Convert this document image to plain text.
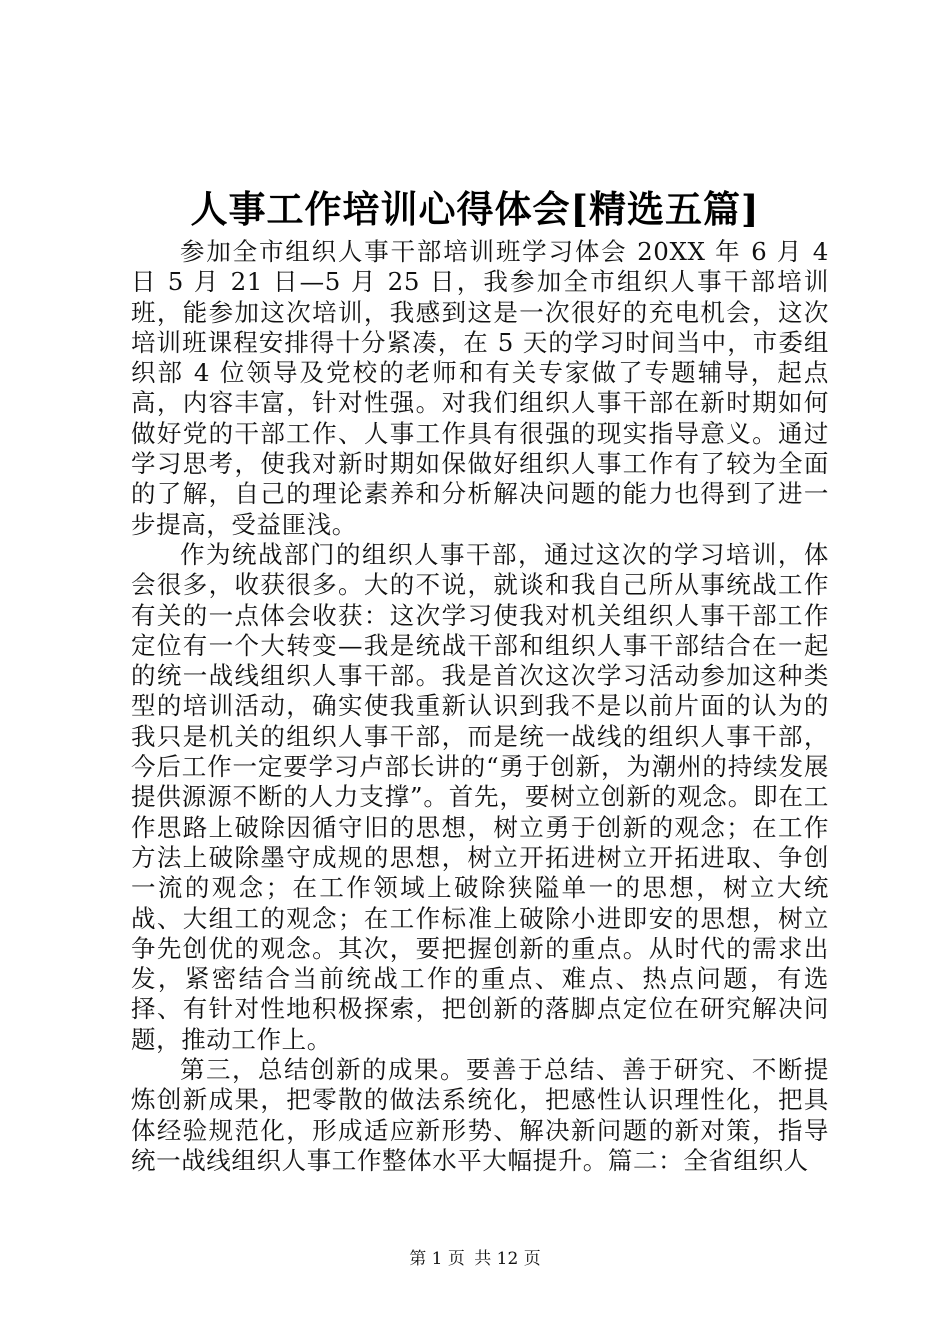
人事工作培训心得体会[精选五篇]

参加全市组织人事干部培训班学习体会 20XX 年 6 月 4 日 5 月 21 日—5 月 25 日，我参加全市组织人事干部培训班，能参加这次培训，我感到这是一次很好的充电机会，这次培训班课程安排得十分紧凑，在 5 天的学习时间当中，市委组织部 4 位领导及党校的老师和有关专家做了专题辅导，起点高，内容丰富，针对性强。对我们组织人事干部在新时期如何做好党的干部工作、人事工作具有很强的现实指导意义。通过学习思考，使我对新时期如保做好组织人事工作有了较为全面的了解，自己的理论素养和分析解决问题的能力也得到了进一步提高，受益匪浅。

作为统战部门的组织人事干部，通过这次的学习培训，体会很多，收获很多。大的不说，就谈和我自己所从事统战工作有关的一点体会收获：这次学习使我对机关组织人事干部工作定位有一个大转变—我是统战干部和组织人事干部结合在一起的统一战线组织人事干部。我是首次这次学习活动参加这种类型的培训活动，确实使我重新认识到我不是以前片面的认为的我只是机关的组织人事干部，而是统一战线的组织人事干部，今后工作一定要学习卢部长讲的“勇于创新，为潮州的持续发展提供源源不断的人力支撑”。首先，要树立创新的观念。即在工作思路上破除因循守旧的思想，树立勇于创新的观念；在工作方法上破除墨守成规的思想，树立开拓进树立开拓进取、争创一流的观念；在工作领域上破除狭隘单一的思想，树立大统战、大组工的观念；在工作标准上破除小进即安的思想，树立争先创优的观念。其次，要把握创新的重点。从时代的需求出发，紧密结合当前统战工作的重点、难点、热点问题，有选择、有针对性地积极探索，把创新的落脚点定位在研究解决问题，推动工作上。

第三，总结创新的成果。要善于总结、善于研究、不断提炼创新成果，把零散的做法系统化，把感性认识理性化，把具体经验规范化，形成适应新形势、解决新问题的新对策，指导统一战线组织人事工作整体水平大幅提升。篇二：全省组织人

第 1 页 共 12 页
